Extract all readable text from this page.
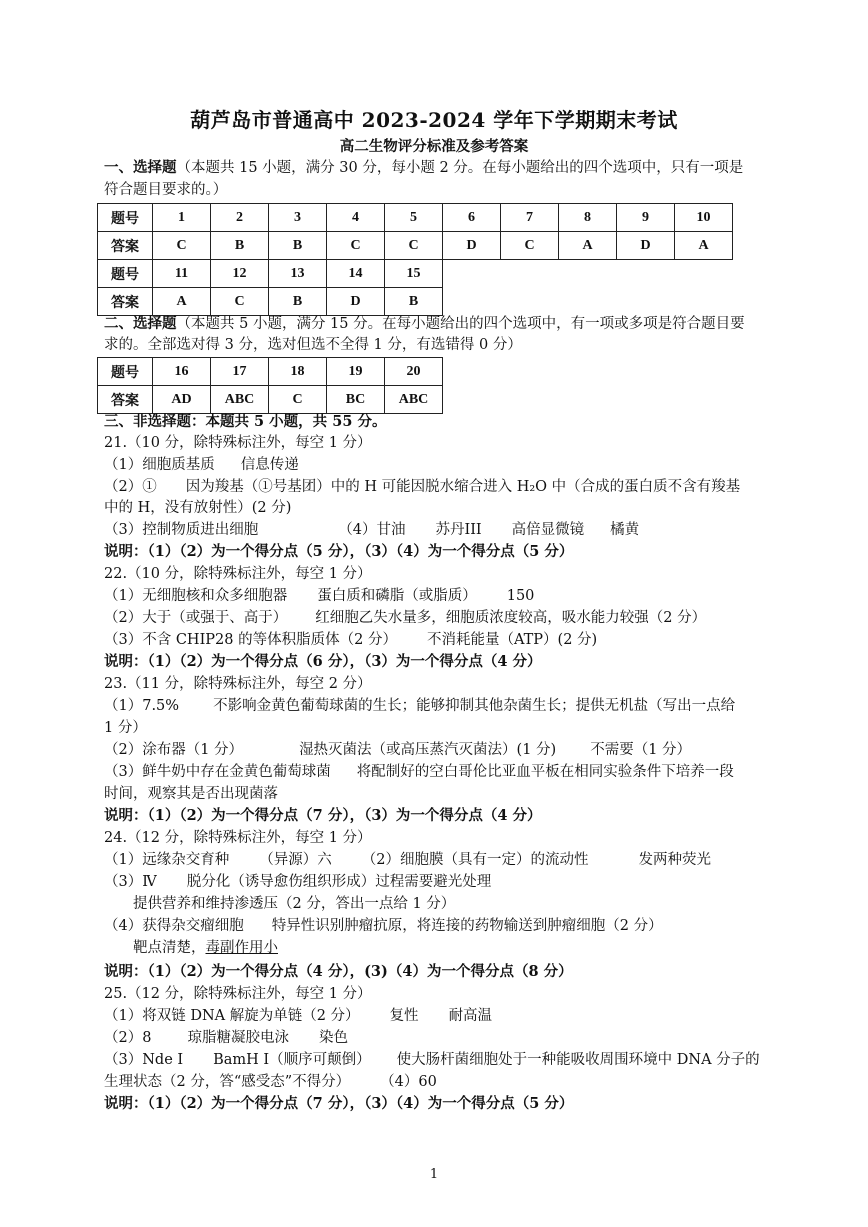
葫芦岛市普通高中 2023-2024 学年下学期期末考试
高二生物评分标准及参考答案
一、选择题（本题共 15 小题，满分 30 分，每小题 2 分。在每小题给出的四个选项中，只有一项是
符合题目要求的。）
题号	1	2	3	4	5	6	7	8	9	10
答案	C	B	B	C	C	D	C	A	D	A
题号	11	12	13	14	15
答案	A	C	B	D	B
二、选择题（本题共 5 小题，满分 15 分。在每小题给出的四个选项中，有一项或多项是符合题目要
求的。全部选对得 3 分，选对但选不全得 1 分，有选错得 0 分）
题号	16	17	18	19	20
答案	AD	ABC	C	BC	ABC
三、非选择题：本题共 5 小题，共 55 分。
21.（10 分，除特殊标注外，每空 1 分）
（1）细胞质基质 信息传递
（2）①　　因为羧基（①号基团）中的 H 可能因脱水缩合进入 H₂O 中（合成的蛋白质不含有羧基
中的 H，没有放射性）(2 分)
（3）控制物质进出细胞	（4）甘油 苏丹III 高倍显微镜 橘黄
说明：（1）（2）为一个得分点（5 分），（3）（4）为一个得分点（5 分）
22.（10 分，除特殊标注外，每空 1 分）
（1）无细胞核和众多细胞器 蛋白质和磷脂（或脂质） 150
（2）大于（或强于、高于） 红细胞乙失水量多，细胞质浓度较高，吸水能力较强（2 分）
（3）不含 CHIP28 的等体积脂质体（2 分） 不消耗能量（ATP）(2 分)
说明：（1）（2）为一个得分点（6 分），（3）为一个得分点（4 分）
23.（11 分，除特殊标注外，每空 2 分）
（1）7.5% 不影响金黄色葡萄球菌的生长；能够抑制其他杂菌生长；提供无机盐（写出一点给
1 分）
（2）涂布器（1 分）	湿热灭菌法（或高压蒸汽灭菌法）(1 分) 不需要（1 分）
（3）鲜牛奶中存在金黄色葡萄球菌 将配制好的空白哥伦比亚血平板在相同实验条件下培养一段
时间，观察其是否出现菌落
说明：（1）（2）为一个得分点（7 分），（3）为一个得分点（4 分）
24.（12 分，除特殊标注外，每空 1 分）
（1）远缘杂交育种 （异源）六 （2）细胞膜（具有一定）的流动性	发两种荧光
（3）Ⅳ 脱分化（诱导愈伤组织形成）过程需要避光处理
提供营养和维持渗透压（2 分，答出一点给 1 分）
（4）获得杂交瘤细胞 特异性识别肿瘤抗原，将连接的药物输送到肿瘤细胞（2 分）
靶点清楚，毒副作用小
说明：（1）（2）为一个得分点（4 分），(3)（4）为一个得分点（8 分）
25.（12 分，除特殊标注外，每空 1 分）
（1）将双链 DNA 解旋为单链（2 分） 复性 耐高温
（2）8 琼脂糖凝胶电泳 染色
（3）Nde I BamH I（顺序可颠倒） 使大肠杆菌细胞处于一种能吸收周围环境中 DNA 分子的
生理状态（2 分，答“感受态”不得分） （4）60
说明：（1）（2）为一个得分点（7 分），（3）（4）为一个得分点（5 分）
1
